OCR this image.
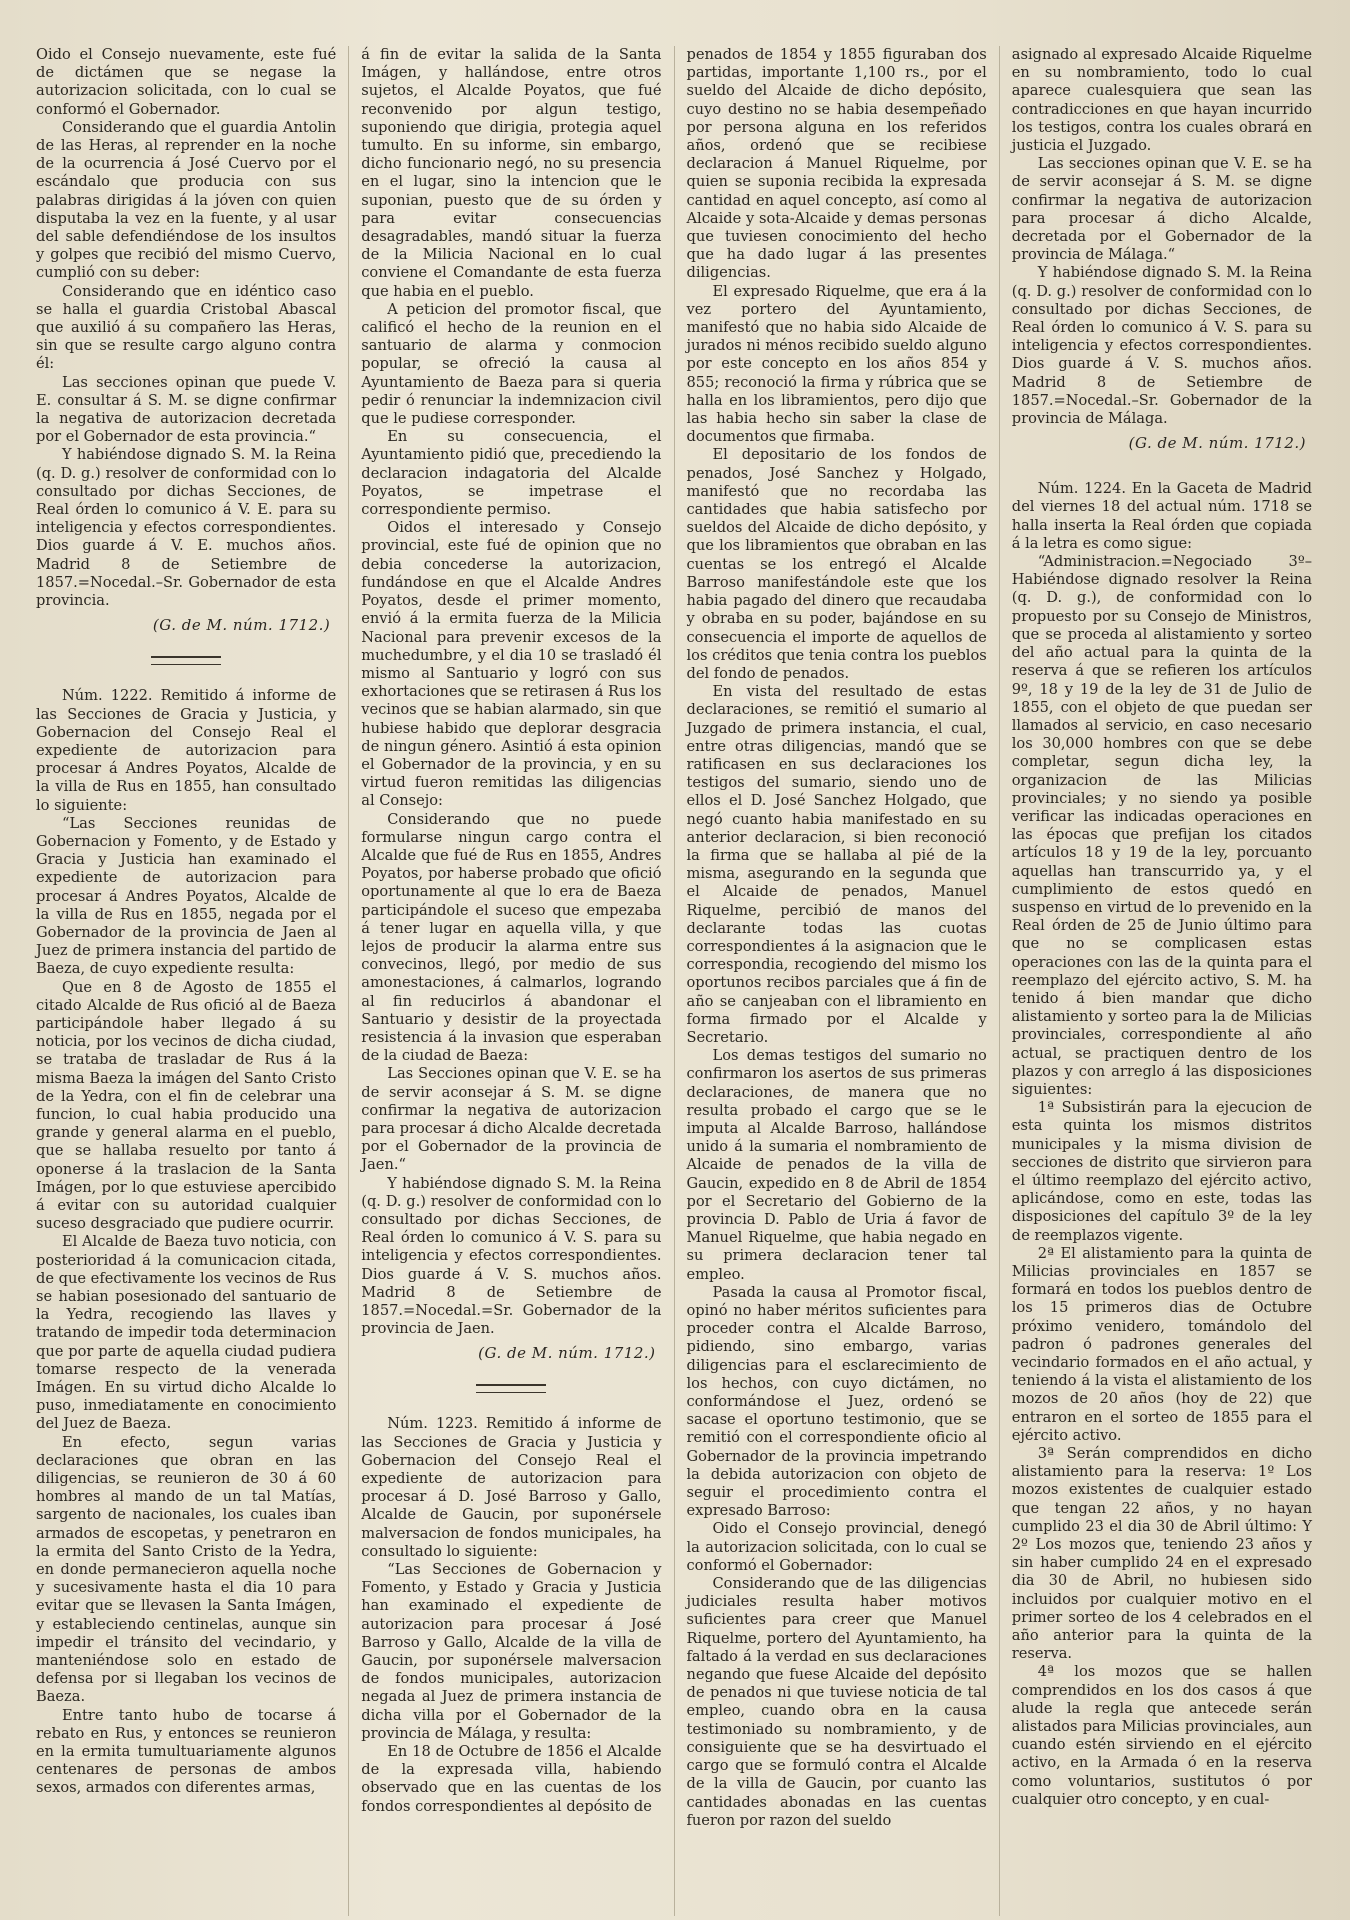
Oido el Consejo nuevamente, este fué de dictámen que se negase la autorizacion solicitada, con lo cual se conformó el Gobernador.

Considerando que el guardia Antolin de las Heras, al reprender en la noche de la ocurrencia á José Cuervo por el escándalo que producia con sus palabras dirigidas á la jóven con quien disputaba la vez en la fuente, y al usar del sable defendiéndose de los insultos y golpes que recibió del mismo Cuervo, cumplió con su deber:

Considerando que en idéntico caso se halla el guardia Cristobal Abascal que auxilió á su compañero las Heras, sin que se resulte cargo alguno contra él:

Las secciones opinan que puede V. E. consultar á S. M. se digne confirmar la negativa de autorizacion decretada por el Gobernador de esta provincia.“

Y habiéndose dignado S. M. la Reina (q. D. g.) resolver de conformidad con lo consultado por dichas Secciones, de Real órden lo comunico á V. E. para su inteligencia y efectos correspondientes. Dios guarde á V. E. muchos años. Madrid 8 de Setiembre de 1857.=Nocedal.–Sr. Gobernador de esta provincia.

(G. de M. núm. 1712.)

Núm. 1222. Remitido á informe de las Secciones de Gracia y Justicia, y Gobernacion del Consejo Real el expediente de autorizacion para procesar á Andres Poyatos, Alcalde de la villa de Rus en 1855, han consultado lo siguiente:

“Las Secciones reunidas de Gobernacion y Fomento, y de Estado y Gracia y Justicia han examinado el expediente de autorizacion para procesar á Andres Poyatos, Alcalde de la villa de Rus en 1855, negada por el Gobernador de la provincia de Jaen al Juez de primera instancia del partido de Baeza, de cuyo expediente resulta:

Que en 8 de Agosto de 1855 el citado Alcalde de Rus ofició al de Baeza participándole haber llegado á su noticia, por los vecinos de dicha ciudad, se trataba de trasladar de Rus á la misma Baeza la imágen del Santo Cristo de la Yedra, con el fin de celebrar una funcion, lo cual habia producido una grande y general alarma en el pueblo, que se hallaba resuelto por tanto á oponerse á la traslacion de la Santa Imágen, por lo que estuviese apercibido á evitar con su autoridad cualquier suceso desgraciado que pudiere ocurrir.

El Alcalde de Baeza tuvo noticia, con posterioridad á la comunicacion citada, de que efectivamente los vecinos de Rus se habian posesionado del santuario de la Yedra, recogiendo las llaves y tratando de impedir toda determinacion que por parte de aquella ciudad pudiera tomarse respecto de la venerada Imágen. En su virtud dicho Alcalde lo puso, inmediatamente en conocimiento del Juez de Baeza.

En efecto, segun varias declaraciones que obran en las diligencias, se reunieron de 30 á 60 hombres al mando de un tal Matías, sargento de nacionales, los cuales iban armados de escopetas, y penetraron en la ermita del Santo Cristo de la Yedra, en donde permanecieron aquella noche y sucesivamente hasta el dia 10 para evitar que se llevasen la Santa Imágen, y estableciendo centinelas, aunque sin impedir el tránsito del vecindario, y manteniéndose solo en estado de defensa por si llegaban los vecinos de Baeza.

Entre tanto hubo de tocarse á rebato en Rus, y entonces se reunieron en la ermita tumultuariamente algunos centenares de personas de ambos sexos, armados con diferentes armas,

á fin de evitar la salida de la Santa Imágen, y hallándose, entre otros sujetos, el Alcalde Poyatos, que fué reconvenido por algun testigo, suponiendo que dirigia, protegia aquel tumulto. En su informe, sin embargo, dicho funcionario negó, no su presencia en el lugar, sino la intencion que le suponian, puesto que de su órden y para evitar consecuencias desagradables, mandó situar la fuerza de la Milicia Nacional en lo cual conviene el Comandante de esta fuerza que habia en el pueblo.

A peticion del promotor fiscal, que calificó el hecho de la reunion en el santuario de alarma y conmocion popular, se ofreció la causa al Ayuntamiento de Baeza para si queria pedir ó renunciar la indemnizacion civil que le pudiese corresponder.

En su consecuencia, el Ayuntamiento pidió que, precediendo la declaracion indagatoria del Alcalde Poyatos, se impetrase el correspondiente permiso.

Oidos el interesado y Consejo provincial, este fué de opinion que no debia concederse la autorizacion, fundándose en que el Alcalde Andres Poyatos, desde el primer momento, envió á la ermita fuerza de la Milicia Nacional para prevenir excesos de la muchedumbre, y el dia 10 se trasladó él mismo al Santuario y logró con sus exhortaciones que se retirasen á Rus los vecinos que se habian alarmado, sin que hubiese habido que deplorar desgracia de ningun género. Asintió á esta opinion el Gobernador de la provincia, y en su virtud fueron remitidas las diligencias al Consejo:

Considerando que no puede formularse ningun cargo contra el Alcalde que fué de Rus en 1855, Andres Poyatos, por haberse probado que ofició oportunamente al que lo era de Baeza participándole el suceso que empezaba á tener lugar en aquella villa, y que lejos de producir la alarma entre sus convecinos, llegó, por medio de sus amonestaciones, á calmarlos, logrando al fin reducirlos á abandonar el Santuario y desistir de la proyectada resistencia á la invasion que esperaban de la ciudad de Baeza:

Las Secciones opinan que V. E. se ha de servir aconsejar á S. M. se digne confirmar la negativa de autorizacion para procesar á dicho Alcalde decretada por el Gobernador de la provincia de Jaen.“

Y habiéndose dignado S. M. la Reina (q. D. g.) resolver de conformidad con lo consultado por dichas Secciones, de Real órden lo comunico á V. S. para su inteligencia y efectos correspondientes. Dios guarde á V. S. muchos años. Madrid 8 de Setiembre de 1857.=Nocedal.=Sr. Gobernador de la provincia de Jaen.

(G. de M. núm. 1712.)

Núm. 1223. Remitido á informe de las Secciones de Gracia y Justicia y Gobernacion del Consejo Real el expediente de autorizacion para procesar á D. José Barroso y Gallo, Alcalde de Gaucin, por suponérsele malversacion de fondos municipales, ha consultado lo siguiente:

“Las Secciones de Gobernacion y Fomento, y Estado y Gracia y Justicia han examinado el expediente de autorizacion para procesar á José Barroso y Gallo, Alcalde de la villa de Gaucin, por suponérsele malversacion de fondos municipales, autorizacion negada al Juez de primera instancia de dicha villa por el Gobernador de la provincia de Málaga, y resulta:

En 18 de Octubre de 1856 el Alcalde de la expresada villa, habiendo observado que en las cuentas de los fondos correspondientes al depósito de

penados de 1854 y 1855 figuraban dos partidas, importante 1,100 rs., por el sueldo del Alcaide de dicho depósito, cuyo destino no se habia desempeñado por persona alguna en los referidos años, ordenó que se recibiese declaracion á Manuel Riquelme, por quien se suponia recibida la expresada cantidad en aquel concepto, así como al Alcaide y sota-Alcaide y demas personas que tuviesen conocimiento del hecho que ha dado lugar á las presentes diligencias.

El expresado Riquelme, que era á la vez portero del Ayuntamiento, manifestó que no habia sido Alcaide de jurados ni ménos recibido sueldo alguno por este concepto en los años 854 y 855; reconoció la firma y rúbrica que se halla en los libramientos, pero dijo que las habia hecho sin saber la clase de documentos que firmaba.

El depositario de los fondos de penados, José Sanchez y Holgado, manifestó que no recordaba las cantidades que habia satisfecho por sueldos del Alcaide de dicho depósito, y que los libramientos que obraban en las cuentas se los entregó el Alcalde Barroso manifestándole este que los habia pagado del dinero que recaudaba y obraba en su poder, bajándose en su consecuencia el importe de aquellos de los créditos que tenia contra los pueblos del fondo de penados.

En vista del resultado de estas declaraciones, se remitió el sumario al Juzgado de primera instancia, el cual, entre otras diligencias, mandó que se ratificasen en sus declaraciones los testigos del sumario, siendo uno de ellos el D. José Sanchez Holgado, que negó cuanto habia manifestado en su anterior declaracion, si bien reconoció la firma que se hallaba al pié de la misma, asegurando en la segunda que el Alcaide de penados, Manuel Riquelme, percibió de manos del declarante todas las cuotas correspondientes á la asignacion que le correspondia, recogiendo del mismo los oportunos recibos parciales que á fin de año se canjeaban con el libramiento en forma firmado por el Alcalde y Secretario.

Los demas testigos del sumario no confirmaron los asertos de sus primeras declaraciones, de manera que no resulta probado el cargo que se le imputa al Alcalde Barroso, hallándose unido á la sumaria el nombramiento de Alcaide de penados de la villa de Gaucin, expedido en 8 de Abril de 1854 por el Secretario del Gobierno de la provincia D. Pablo de Uria á favor de Manuel Riquelme, que habia negado en su primera declaracion tener tal empleo.

Pasada la causa al Promotor fiscal, opinó no haber méritos suficientes para proceder contra el Alcalde Barroso, pidiendo, sino embargo, varias diligencias para el esclarecimiento de los hechos, con cuyo dictámen, no conformándose el Juez, ordenó se sacase el oportuno testimonio, que se remitió con el correspondiente oficio al Gobernador de la provincia impetrando la debida autorizacion con objeto de seguir el procedimiento contra el expresado Barroso:

Oido el Consejo provincial, denegó la autorizacion solicitada, con lo cual se conformó el Gobernador:

Considerando que de las diligencias judiciales resulta haber motivos suficientes para creer que Manuel Riquelme, portero del Ayuntamiento, ha faltado á la verdad en sus declaraciones negando que fuese Alcaide del depósito de penados ni que tuviese noticia de tal empleo, cuando obra en la causa testimoniado su nombramiento, y de consiguiente que se ha desvirtuado el cargo que se formuló contra el Alcalde de la villa de Gaucin, por cuanto las cantidades abonadas en las cuentas fueron por razon del sueldo

asignado al expresado Alcaide Riquelme en su nombramiento, todo lo cual aparece cualesquiera que sean las contradicciones en que hayan incurrido los testigos, contra los cuales obrará en justicia el Juzgado.

Las secciones opinan que V. E. se ha de servir aconsejar á S. M. se digne confirmar la negativa de autorizacion para procesar á dicho Alcalde, decretada por el Gobernador de la provincia de Málaga.“

Y habiéndose dignado S. M. la Reina (q. D. g.) resolver de conformidad con lo consultado por dichas Secciones, de Real órden lo comunico á V. S. para su inteligencia y efectos correspondientes. Dios guarde á V. S. muchos años. Madrid 8 de Setiembre de 1857.=Nocedal.–Sr. Gobernador de la provincia de Málaga.

(G. de M. núm. 1712.)

Núm. 1224. En la Gaceta de Madrid del viernes 18 del actual núm. 1718 se halla inserta la Real órden que copiada á la letra es como sigue:

“Administracion.=Negociado 3º–Habiéndose dignado resolver la Reina (q. D. g.), de conformidad con lo propuesto por su Consejo de Ministros, que se proceda al alistamiento y sorteo del año actual para la quinta de la reserva á que se refieren los artículos 9º, 18 y 19 de la ley de 31 de Julio de 1855, con el objeto de que puedan ser llamados al servicio, en caso necesario los 30,000 hombres con que se debe completar, segun dicha ley, la organizacion de las Milicias provinciales; y no siendo ya posible verificar las indicadas operaciones en las épocas que prefijan los citados artículos 18 y 19 de la ley, porcuanto aquellas han transcurrido ya, y el cumplimiento de estos quedó en suspenso en virtud de lo prevenido en la Real órden de 25 de Junio último para que no se complicasen estas operaciones con las de la quinta para el reemplazo del ejército activo, S. M. ha tenido á bien mandar que dicho alistamiento y sorteo para la de Milicias provinciales, correspondiente al año actual, se practiquen dentro de los plazos y con arreglo á las disposiciones siguientes:

1ª Subsistirán para la ejecucion de esta quinta los mismos distritos municipales y la misma division de secciones de distrito que sirvieron para el último reemplazo del ejército activo, aplicándose, como en este, todas las disposiciones del capítulo 3º de la ley de reemplazos vigente.

2ª El alistamiento para la quinta de Milicias provinciales en 1857 se formará en todos los pueblos dentro de los 15 primeros dias de Octubre próximo venidero, tomándolo del padron ó padrones generales del vecindario formados en el año actual, y teniendo á la vista el alistamiento de los mozos de 20 años (hoy de 22) que entraron en el sorteo de 1855 para el ejército activo.

3ª Serán comprendidos en dicho alistamiento para la reserva: 1º Los mozos existentes de cualquier estado que tengan 22 años, y no hayan cumplido 23 el dia 30 de Abril último: Y 2º Los mozos que, teniendo 23 años y sin haber cumplido 24 en el expresado dia 30 de Abril, no hubiesen sido incluidos por cualquier motivo en el primer sorteo de los 4 celebrados en el año anterior para la quinta de la reserva.

4ª los mozos que se hallen comprendidos en los dos casos á que alude la regla que antecede serán alistados para Milicias provinciales, aun cuando estén sirviendo en el ejército activo, en la Armada ó en la reserva como voluntarios, sustitutos ó por cualquier otro concepto, y en cual-
